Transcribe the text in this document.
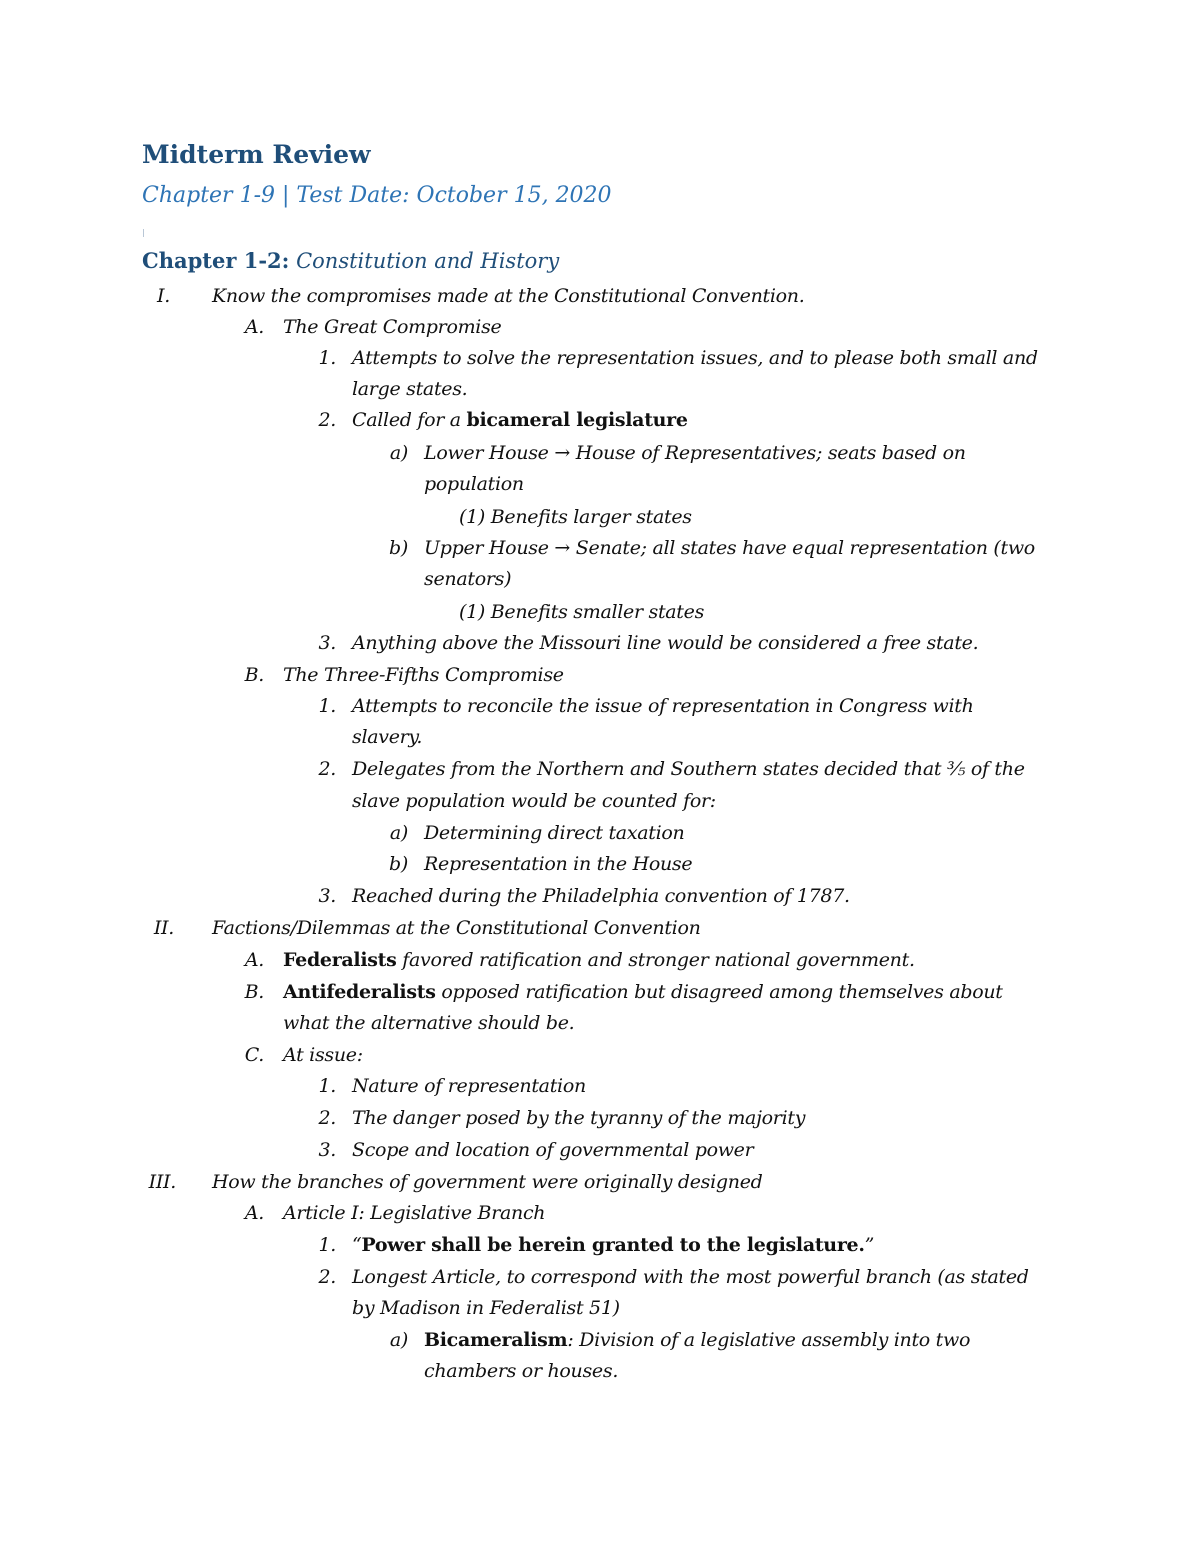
Midterm Review
Chapter 1-9 | Test Date: October 15, 2020
Chapter 1-2: Constitution and History
I. Know the compromises made at the Constitutional Convention.
A. The Great Compromise
1. Attempts to solve the representation issues, and to please both small and
large states.
2. Called for a bicameral legislature
a) Lower House → House of Representatives; seats based on
population
(1) Benefits larger states
b) Upper House → Senate; all states have equal representation (two
senators)
(1) Benefits smaller states
3. Anything above the Missouri line would be considered a free state.
B. The Three-Fifths Compromise
1. Attempts to reconcile the issue of representation in Congress with
slavery.
2. Delegates from the Northern and Southern states decided that ⅗ of the
slave population would be counted for:
a) Determining direct taxation
b) Representation in the House
3. Reached during the Philadelphia convention of 1787.
II. Factions/Dilemmas at the Constitutional Convention
A. Federalists favored ratification and stronger national government.
B. Antifederalists opposed ratification but disagreed among themselves about
what the alternative should be.
C. At issue:
1. Nature of representation
2. The danger posed by the tyranny of the majority
3. Scope and location of governmental power
III. How the branches of government were originally designed
A. Article I: Legislative Branch
1. “Power shall be herein granted to the legislature.”
2. Longest Article, to correspond with the most powerful branch (as stated
by Madison in Federalist 51)
a) Bicameralism: Division of a legislative assembly into two
chambers or houses.
